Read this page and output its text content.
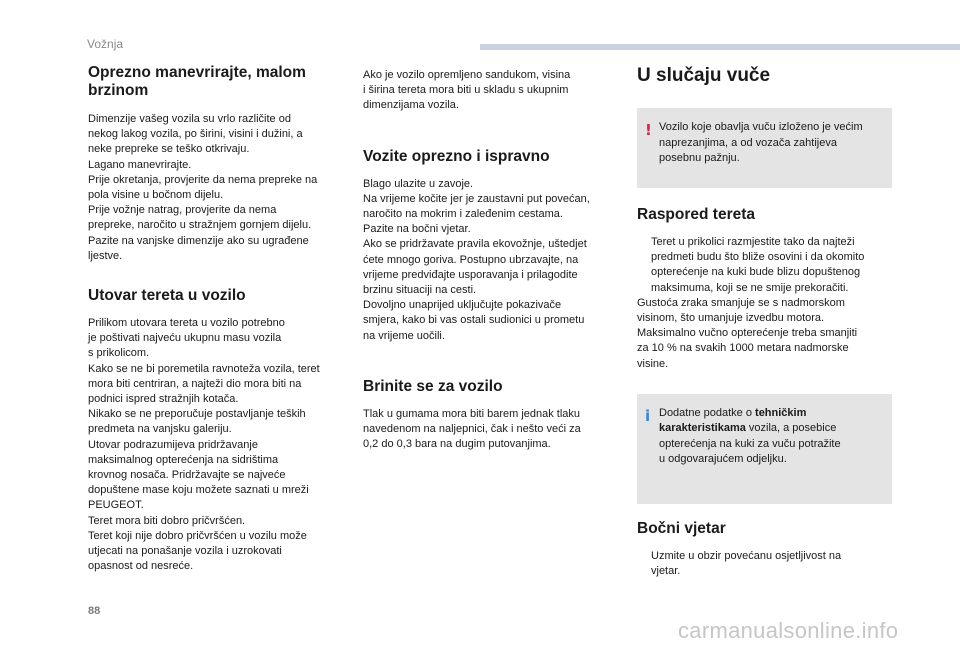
Vožnja
Oprezno manevrirajte, malom
brzinom

Dimenzije vašeg vozila su vrlo različite od
nekog lakog vozila, po širini, visini i dužini, a
neke prepreke se teško otkrivaju.
Lagano manevrirajte.
Prije okretanja, provjerite da nema prepreke na
pola visine u bočnom dijelu.
Prije vožnje natrag, provjerite da nema
prepreke, naročito u stražnjem gornjem dijelu.
Pazite na vanjske dimenzije ako su ugrađene
ljestve.

Utovar tereta u vozilo

Prilikom utovara tereta u vozilo potrebno
je poštivati najveću ukupnu masu vozila
s prikolicom.
Kako se ne bi poremetila ravnoteža vozila, teret
mora biti centriran, a najteži dio mora biti na
podnici ispred stražnjih kotača.
Nikako se ne preporučuje postavljanje teških
predmeta na vanjsku galeriju.
Utovar podrazumijeva pridržavanje
maksimalnog opterećenja na sidrištima
krovnog nosača. Pridržavajte se najveće
dopuštene mase koju možete saznati u mreži
PEUGEOT.
Teret mora biti dobro pričvršćen.
Teret koji nije dobro pričvršćen u vozilu može
utjecati na ponašanje vozila i uzrokovati
opasnost od nesreće.

Ako je vozilo opremljeno sandukom, visina
i širina tereta mora biti u skladu s ukupnim
dimenzijama vozila.

Vozite oprezno i ispravno

Blago ulazite u zavoje.
Na vrijeme kočite jer je zaustavni put povećan,
naročito na mokrim i zaleđenim cestama.
Pazite na bočni vjetar.
Ako se pridržavate pravila ekovožnje, uštedjet
ćete mnogo goriva. Postupno ubrzavajte, na
vrijeme predviđajte usporavanja i prilagodite
brzinu situaciji na cesti.
Dovoljno unaprijed uključujte pokazivače
smjera, kako bi vas ostali sudionici u prometu
na vrijeme uočili.

Brinite se za vozilo

Tlak u gumama mora biti barem jednak tlaku
navedenom na naljepnici, čak i nešto veći za
0,2 do 0,3 bara na dugim putovanjima.

U slučaju vuče
! Vozilo koje obavlja vuču izloženo je većim
naprezanjima, a od vozača zahtijeva
posebnu pažnju.

Raspored tereta

Teret u prikolici razmjestite tako da najteži
predmeti budu što bliže osovini i da okomito
opterećenje na kuki bude blizu dopuštenog
maksimuma, koji se ne smije prekoračiti.

Gustoća zraka smanjuje se s nadmorskom
visinom, što umanjuje izvedbu motora.
Maksimalno vučno opterećenje treba smanjiti
za 10 % na svakih 1000 metara nadmorske
visine.

i Dodatne podatke o tehničkim
karakteristikama vozila, a posebice
opterećenja na kuki za vuču potražite
u odgovarajućem odjeljku.

Bočni vjetar

Uzmite u obzir povećanu osjetljivost na
vjetar.

88
carmanualsonline.info
